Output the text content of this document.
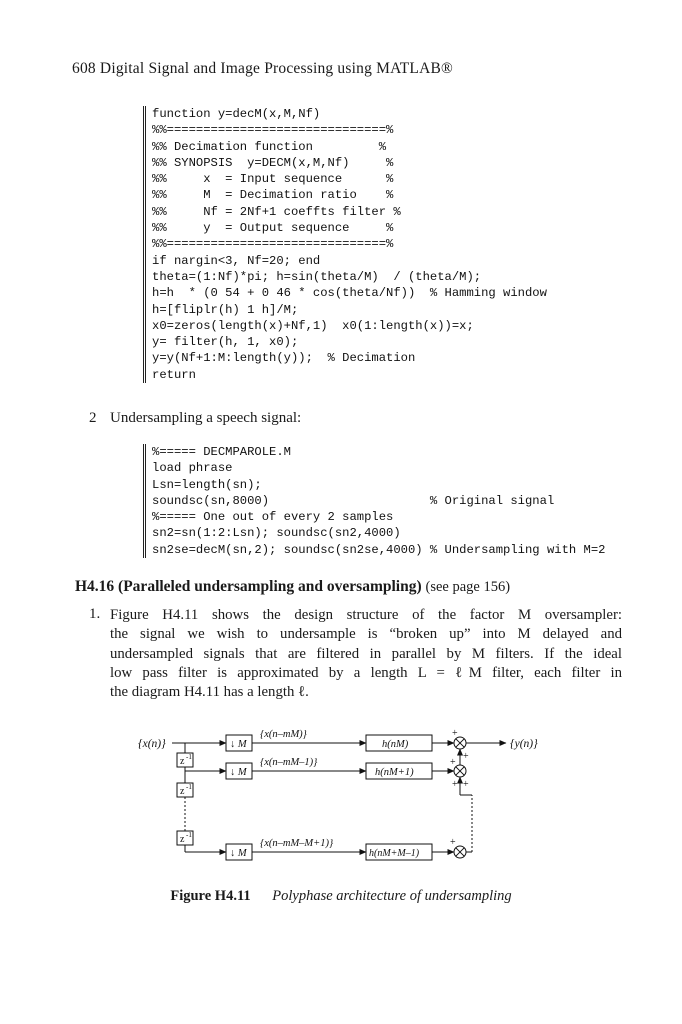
608 Digital Signal and Image Processing using MATLAB®
function y=decM(x,M,Nf)
%%==============================%
%% Decimation function         %
%% SYNOPSIS  y=DECM(x,M,Nf)     %
%%     x  = Input sequence      %
%%     M  = Decimation ratio    %
%%     Nf = 2Nf+1 coeffts filter %
%%     y  = Output sequence     %
%%==============================%
if nargin<3, Nf=20; end
theta=(1:Nf)*pi; h=sin(theta/M)  / (theta/M);
h=h  * (0 54 + 0 46 * cos(theta/Nf))  % Hamming window
h=[fliplr(h) 1 h]/M;
x0=zeros(length(x)+Nf,1)  x0(1:length(x))=x;
y= filter(h, 1, x0);
y=y(Nf+1:M:length(y));  % Decimation
return
2 Undersampling a speech signal:
%===== DECMPAROLE.M
load phrase
Lsn=length(sn);
soundsc(sn,8000)                      % Original signal
%===== One out of every 2 samples
sn2=sn(1:2:Lsn); soundsc(sn2,4000)
sn2se=decM(sn,2); soundsc(sn2se,4000) % Undersampling with M=2
H4.16 (Paralleled undersampling and oversampling) (see page 156)
1. Figure H4.11 shows the design structure of the factor M oversampler:
the signal we wish to undersample is “broken up” into M delayed and
undersampled signals that are filtered in parallel by M filters. If the ideal
low pass filter is approximated by a length L = ℓM filter, each filter in
the diagram H4.11 has a length ℓ.
{x(n)}	{y(n)}
z -1
z -1
z -1
↓ M
↓ M
↓ M
{x(n–mM)}
{x(n–mM–1)}
{x(n–mM–M+1)}
h(nM)
h(nM+1)
h(nM+M–1)
+
+
+
+ +
+
Figure H4.11 Polyphase architecture of undersampling
